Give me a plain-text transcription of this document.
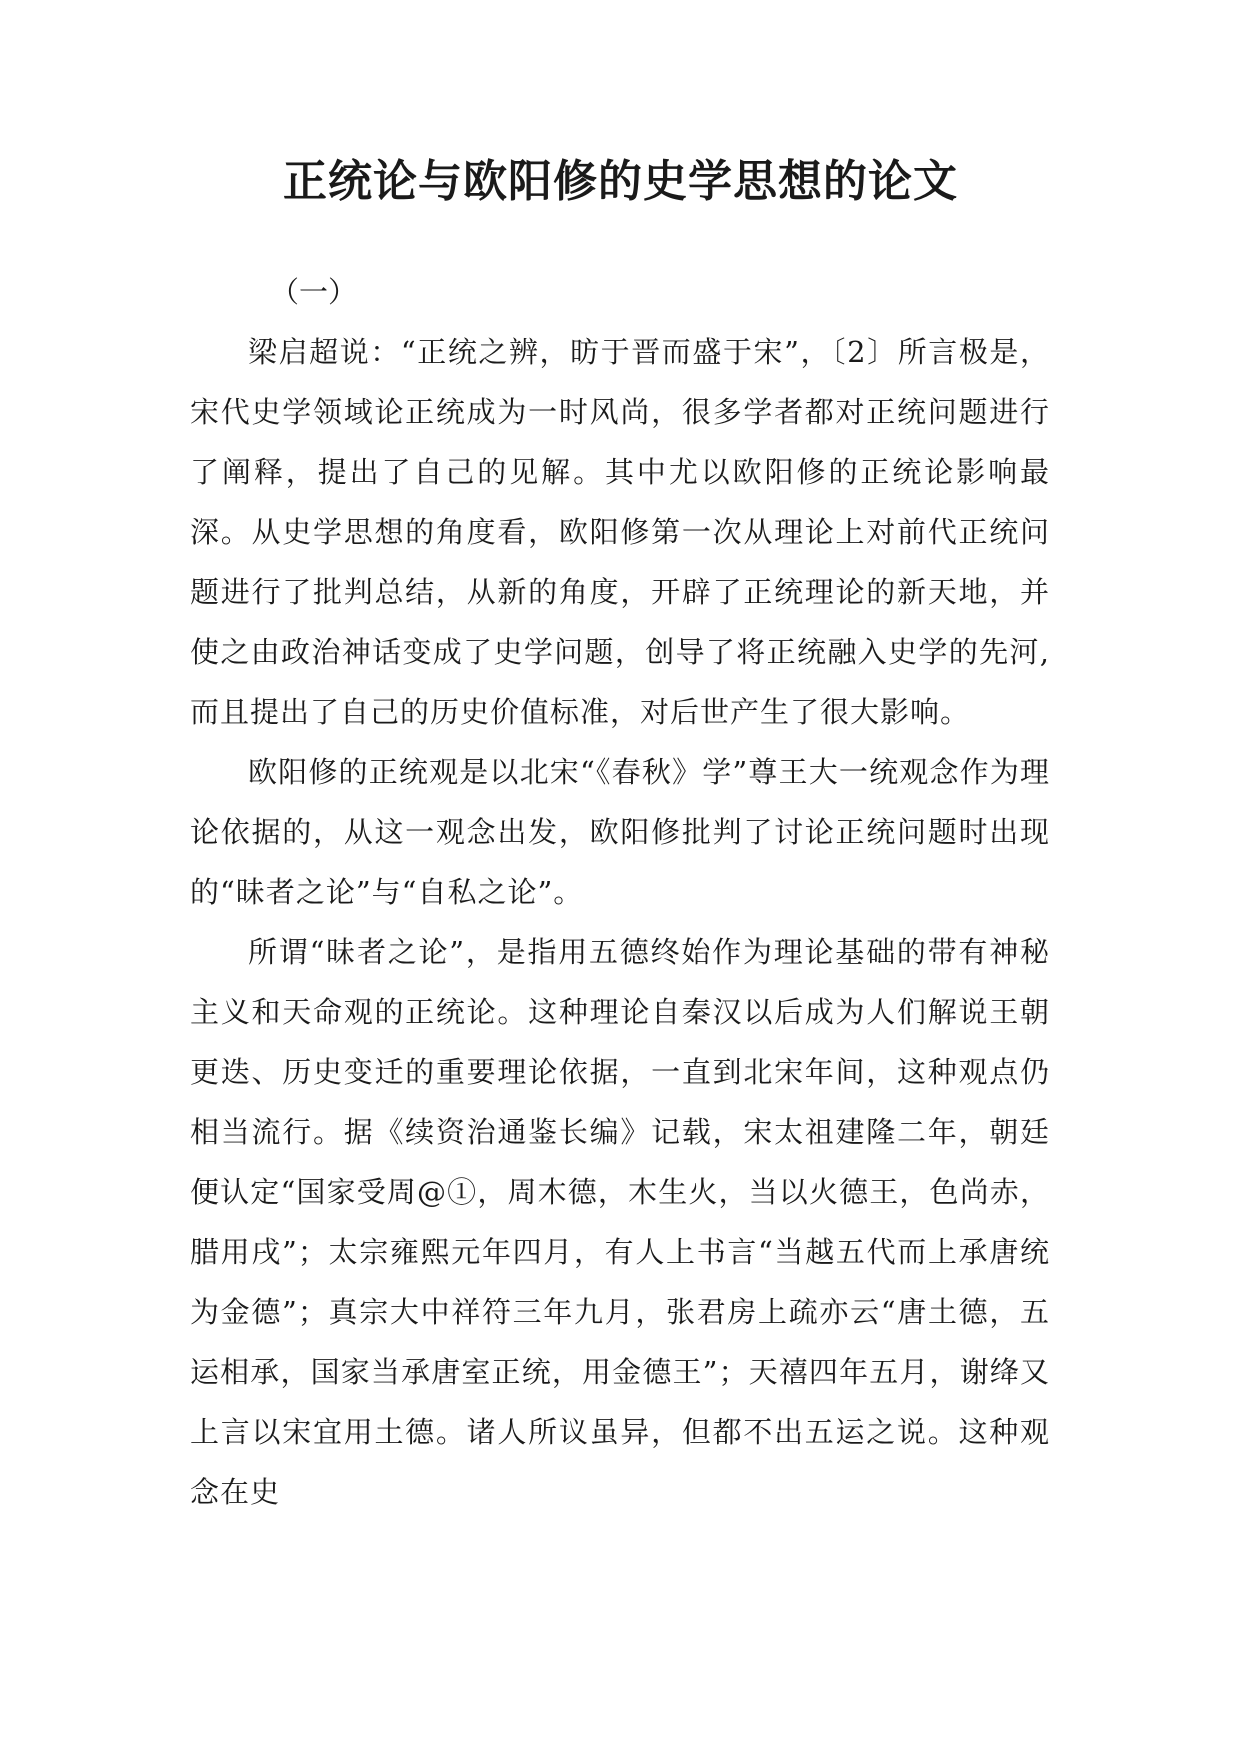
正统论与欧阳修的史学思想的论文

（一）

梁启超说：“正统之辨，昉于晋而盛于宋”，〔2〕所言极是，宋代史学领域论正统成为一时风尚，很多学者都对正统问题进行了阐释，提出了自己的见解。其中尤以欧阳修的正统论影响最深。从史学思想的角度看，欧阳修第一次从理论上对前代正统问题进行了批判总结，从新的角度，开辟了正统理论的新天地，并使之由政治神话变成了史学问题，创导了将正统融入史学的先河,而且提出了自己的历史价值标准，对后世产生了很大影响。

欧阳修的正统观是以北宋“《春秋》学”尊王大一统观念作为理论依据的，从这一观念出发，欧阳修批判了讨论正统问题时出现的“昧者之论”与“自私之论”。

所谓“昧者之论”，是指用五德终始作为理论基础的带有神秘主义和天命观的正统论。这种理论自秦汉以后成为人们解说王朝更迭、历史变迁的重要理论依据，一直到北宋年间，这种观点仍相当流行。据《续资治通鉴长编》记载，宋太祖建隆二年，朝廷便认定“国家受周@①，周木德，木生火，当以火德王，色尚赤，腊用戌”；太宗雍熙元年四月，有人上书言“当越五代而上承唐统为金德”；真宗大中祥符三年九月，张君房上疏亦云“唐土德，五运相承，国家当承唐室正统，用金德王”；天禧四年五月，谢绛又上言以宋宜用土德。诸人所议虽异，但都不出五运之说。这种观念在史
